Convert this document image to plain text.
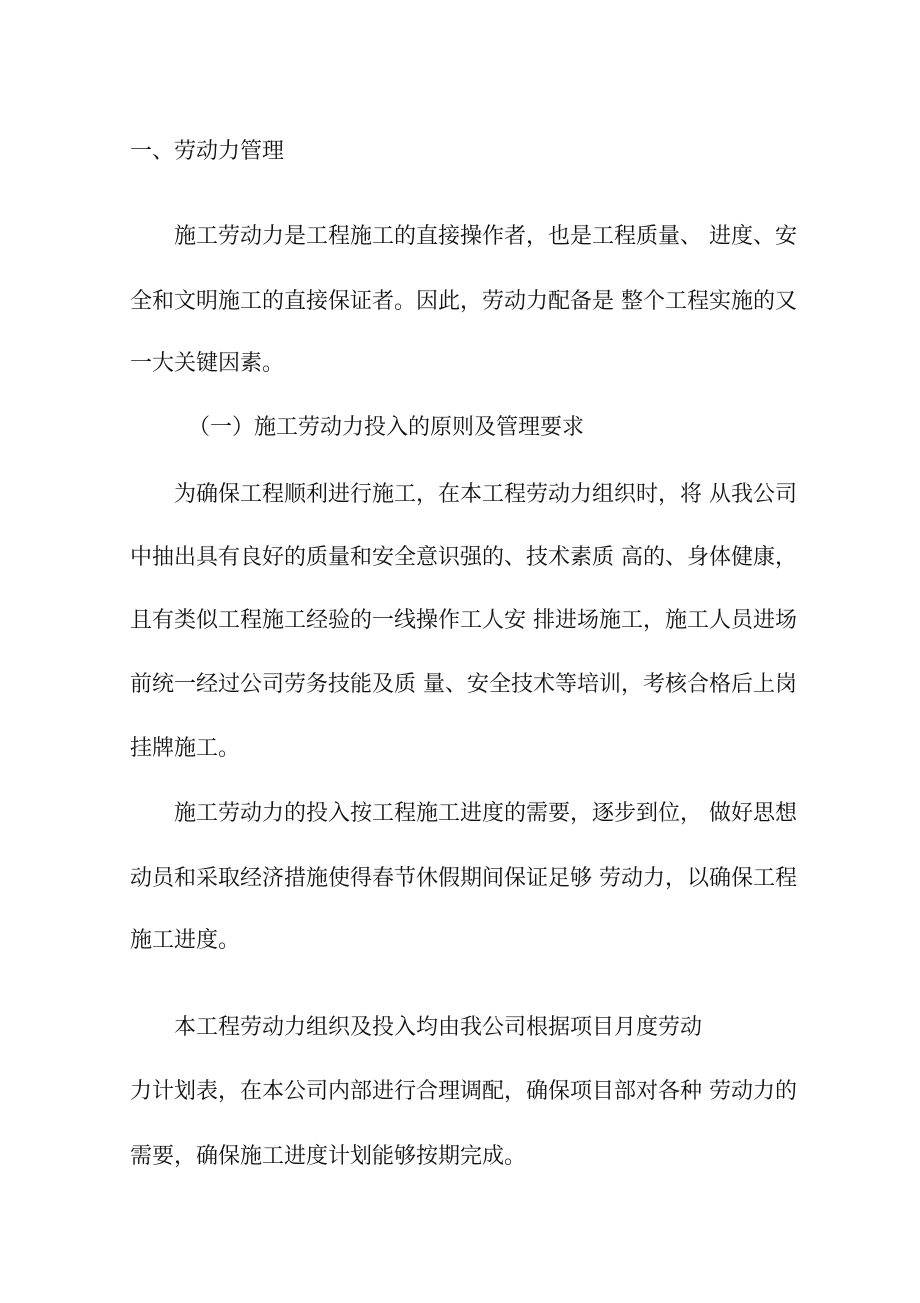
一、劳动力管理

施工劳动力是工程施工的直接操作者，也是工程质量、 进度、安

全和文明施工的直接保证者。因此，劳动力配备是 整个工程实施的又

一大关键因素。

（一）施工劳动力投入的原则及管理要求

为确保工程顺利进行施工，在本工程劳动力组织时，将 从我公司

中抽出具有良好的质量和安全意识强的、技术素质 高的、身体健康，

且有类似工程施工经验的一线操作工人安 排进场施工，施工人员进场

前统一经过公司劳务技能及质 量、安全技术等培训，考核合格后上岗

挂牌施工。

施工劳动力的投入按工程施工进度的需要，逐步到位， 做好思想

动员和采取经济措施使得春节休假期间保证足够 劳动力，以确保工程

施工进度。

本工程劳动力组织及投入均由我公司根据项目月度劳动

力计划表，在本公司内部进行合理调配，确保项目部对各种 劳动力的

需要，确保施工进度计划能够按期完成。
